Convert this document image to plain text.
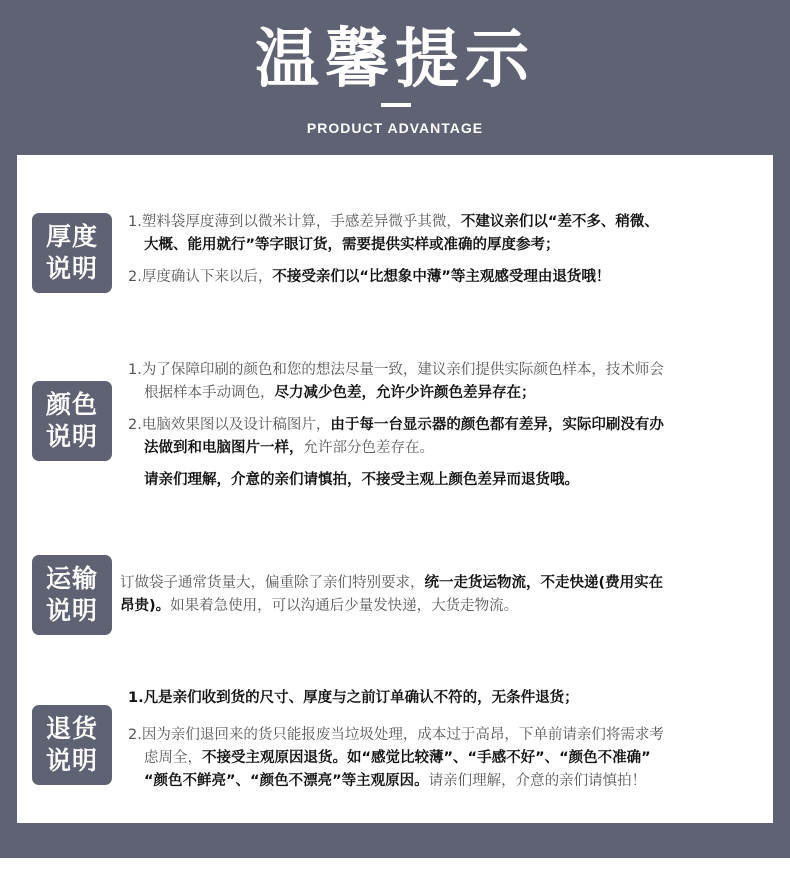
温馨提示
PRODUCT ADVANTAGE
厚度
说明
1.塑料袋厚度薄到以微米计算，手感差异微乎其微，不建议亲们以“差不多、稍微、
大概、能用就行”等字眼订货，需要提供实样或准确的厚度参考；
2.厚度确认下来以后，不接受亲们以“比想象中薄”等主观感受理由退货哦！
颜色
说明
1.为了保障印刷的颜色和您的想法尽量一致，建议亲们提供实际颜色样本，技术师会
根据样本手动调色，尽力减少色差，允许少许颜色差异存在；
2.电脑效果图以及设计稿图片，由于每一台显示器的颜色都有差异，实际印刷没有办
法做到和电脑图片一样，允许部分色差存在。
请亲们理解，介意的亲们请慎拍，不接受主观上颜色差异而退货哦。
运输
说明
订做袋子通常货量大，偏重除了亲们特别要求，统一走货运物流，不走快递(费用实在
昂贵)。如果着急使用，可以沟通后少量发快递，大货走物流。
退货
说明
1.凡是亲们收到货的尺寸、厚度与之前订单确认不符的，无条件退货；
2.因为亲们退回来的货只能报废当垃圾处理，成本过于高昂，下单前请亲们将需求考
虑周全，不接受主观原因退货。如“感觉比较薄”、“手感不好”、“颜色不准确”
“颜色不鲜亮”、“颜色不漂亮”等主观原因。请亲们理解，介意的亲们请慎拍！
